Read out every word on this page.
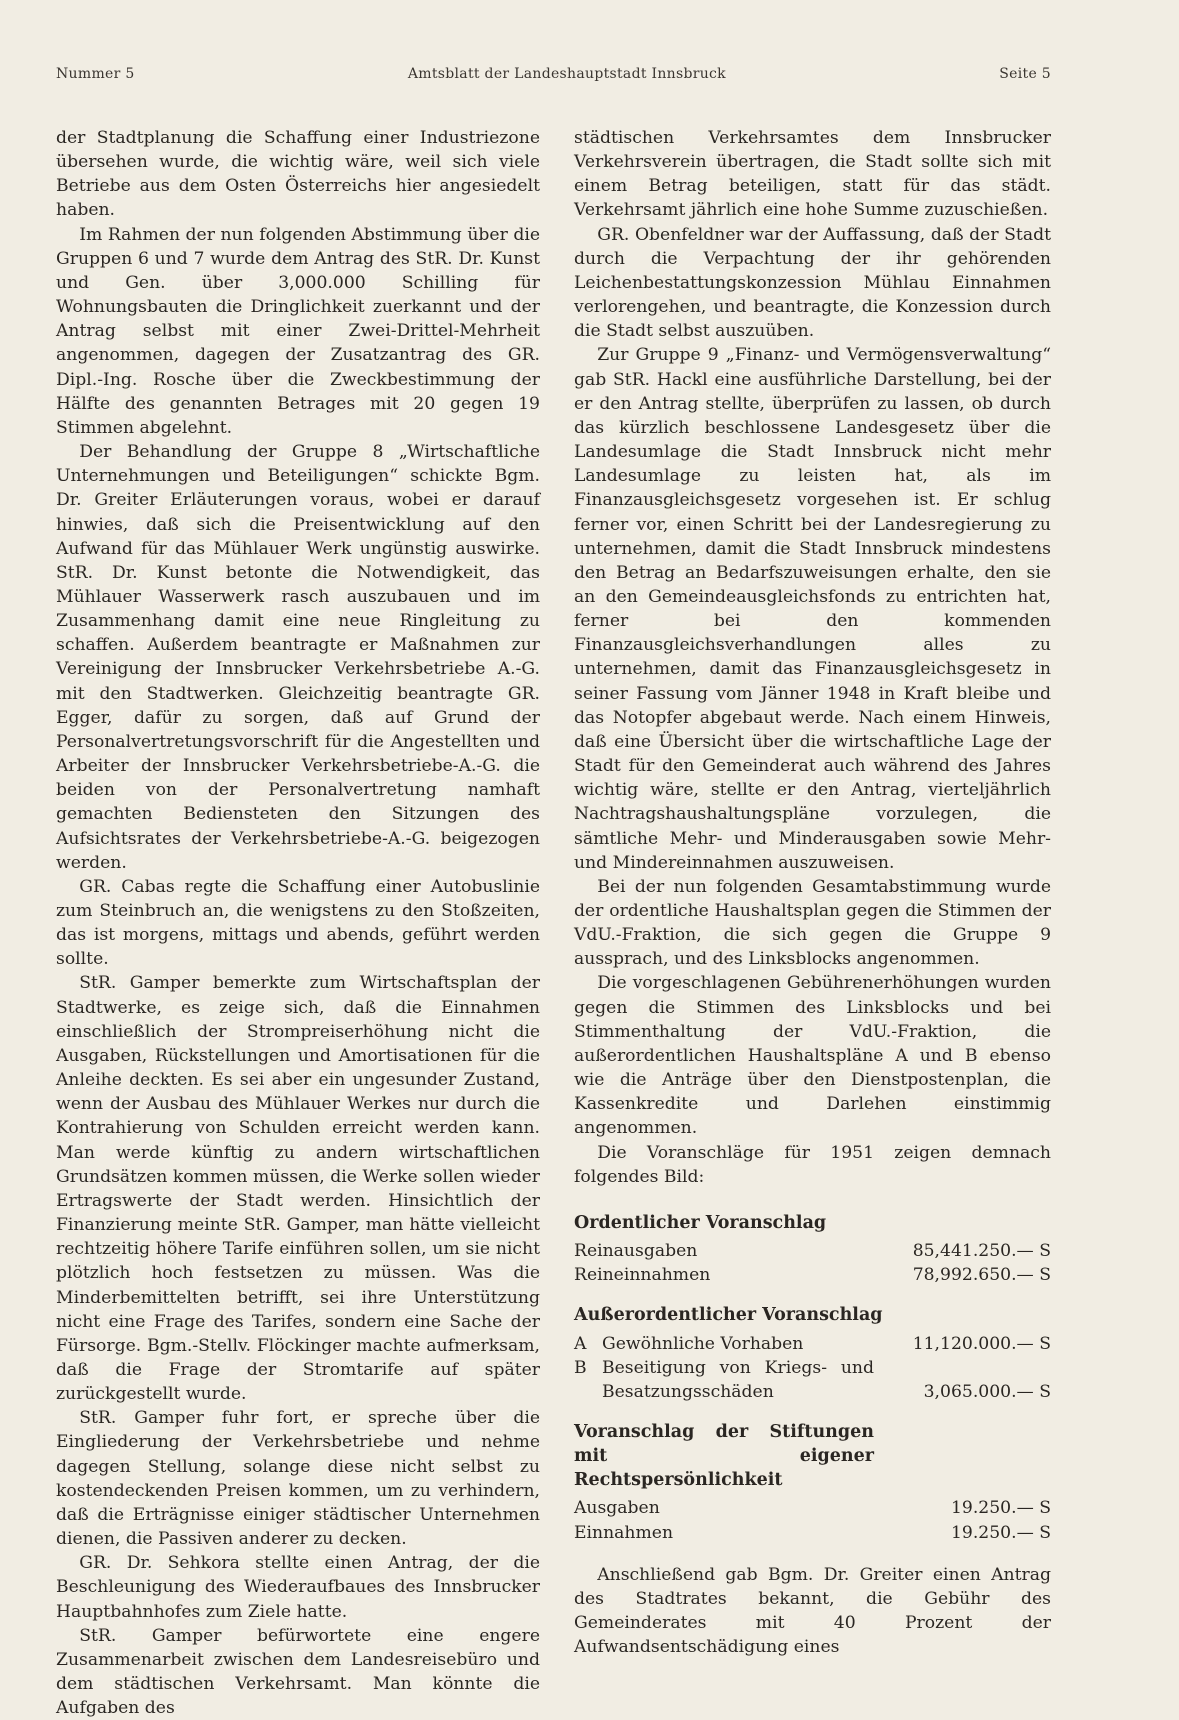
Nummer 5	Amtsblatt der Landeshauptstadt Innsbruck	Seite 5

der Stadtplanung die Schaffung einer Industriezone übersehen wurde, die wichtig wäre, weil sich viele Betriebe aus dem Osten Österreichs hier angesiedelt haben.

Im Rahmen der nun folgenden Abstimmung über die Gruppen 6 und 7 wurde dem Antrag des StR. Dr. Kunst und Gen. über 3,000.000 Schilling für Wohnungsbauten die Dringlichkeit zuerkannt und der Antrag selbst mit einer Zwei-Drittel-Mehrheit angenommen, dagegen der Zusatzantrag des GR. Dipl.-Ing. Rosche über die Zweckbestimmung der Hälfte des genannten Betrages mit 20 gegen 19 Stimmen abgelehnt.

Der Behandlung der Gruppe 8 „Wirtschaftliche Unternehmungen und Beteiligungen“ schickte Bgm. Dr. Greiter Erläuterungen voraus, wobei er darauf hinwies, daß sich die Preisentwicklung auf den Aufwand für das Mühlauer Werk ungünstig auswirke. StR. Dr. Kunst betonte die Notwendigkeit, das Mühlauer Wasserwerk rasch auszubauen und im Zusammenhang damit eine neue Ringleitung zu schaffen. Außerdem beantragte er Maßnahmen zur Vereinigung der Innsbrucker Verkehrsbetriebe A.-G. mit den Stadtwerken. Gleichzeitig beantragte GR. Egger, dafür zu sorgen, daß auf Grund der Personalvertretungsvorschrift für die Angestellten und Arbeiter der Innsbrucker Verkehrsbetriebe-A.-G. die beiden von der Personalvertretung namhaft gemachten Bediensteten den Sitzungen des Aufsichtsrates der Verkehrsbetriebe-A.-G. beigezogen werden.

GR. Cabas regte die Schaffung einer Autobuslinie zum Steinbruch an, die wenigstens zu den Stoßzeiten, das ist morgens, mittags und abends, geführt werden sollte.

StR. Gamper bemerkte zum Wirtschaftsplan der Stadtwerke, es zeige sich, daß die Einnahmen einschließlich der Strompreiserhöhung nicht die Ausgaben, Rückstellungen und Amortisationen für die Anleihe deckten. Es sei aber ein ungesunder Zustand, wenn der Ausbau des Mühlauer Werkes nur durch die Kontrahierung von Schulden erreicht werden kann. Man werde künftig zu andern wirtschaftlichen Grundsätzen kommen müssen, die Werke sollen wieder Ertragswerte der Stadt werden. Hinsichtlich der Finanzierung meinte StR. Gamper, man hätte vielleicht rechtzeitig höhere Tarife einführen sollen, um sie nicht plötzlich hoch festsetzen zu müssen. Was die Minderbemittelten betrifft, sei ihre Unterstützung nicht eine Frage des Tarifes, sondern eine Sache der Fürsorge. Bgm.-Stellv. Flöckinger machte aufmerksam, daß die Frage der Stromtarife auf später zurückgestellt wurde.

StR. Gamper fuhr fort, er spreche über die Eingliederung der Verkehrsbetriebe und nehme dagegen Stellung, solange diese nicht selbst zu kostendeckenden Preisen kommen, um zu verhindern, daß die Erträgnisse einiger städtischer Unternehmen dienen, die Passiven anderer zu decken.

GR. Dr. Sehkora stellte einen Antrag, der die Beschleunigung des Wiederaufbaues des Innsbrucker Hauptbahnhofes zum Ziele hatte.

StR. Gamper befürwortete eine engere Zusammenarbeit zwischen dem Landesreisebüro und dem städtischen Verkehrsamt. Man könnte die Aufgaben des

städtischen Verkehrsamtes dem Innsbrucker Verkehrsverein übertragen, die Stadt sollte sich mit einem Betrag beteiligen, statt für das städt. Verkehrsamt jährlich eine hohe Summe zuzuschießen.

GR. Obenfeldner war der Auffassung, daß der Stadt durch die Verpachtung der ihr gehörenden Leichenbestattungskonzession Mühlau Einnahmen verlorengehen, und beantragte, die Konzession durch die Stadt selbst auszuüben.

Zur Gruppe 9 „Finanz- und Vermögensverwaltung“ gab StR. Hackl eine ausführliche Darstellung, bei der er den Antrag stellte, überprüfen zu lassen, ob durch das kürzlich beschlossene Landesgesetz über die Landesumlage die Stadt Innsbruck nicht mehr Landesumlage zu leisten hat, als im Finanzausgleichsgesetz vorgesehen ist. Er schlug ferner vor, einen Schritt bei der Landesregierung zu unternehmen, damit die Stadt Innsbruck mindestens den Betrag an Bedarfszuweisungen erhalte, den sie an den Gemeindeausgleichsfonds zu entrichten hat, ferner bei den kommenden Finanzausgleichsverhandlungen alles zu unternehmen, damit das Finanzausgleichsgesetz in seiner Fassung vom Jänner 1948 in Kraft bleibe und das Notopfer abgebaut werde. Nach einem Hinweis, daß eine Übersicht über die wirtschaftliche Lage der Stadt für den Gemeinderat auch während des Jahres wichtig wäre, stellte er den Antrag, vierteljährlich Nachtragshaushaltungspläne vorzulegen, die sämtliche Mehr- und Minderausgaben sowie Mehr- und Mindereinnahmen auszuweisen.

Bei der nun folgenden Gesamtabstimmung wurde der ordentliche Haushaltsplan gegen die Stimmen der VdU.-Fraktion, die sich gegen die Gruppe 9 aussprach, und des Linksblocks angenommen.

Die vorgeschlagenen Gebührenerhöhungen wurden gegen die Stimmen des Linksblocks und bei Stimmenthaltung der VdU.-Fraktion, die außerordentlichen Haushaltspläne A und B ebenso wie die Anträge über den Dienstpostenplan, die Kassenkredite und Darlehen einstimmig angenommen.

Die Voranschläge für 1951 zeigen demnach folgendes Bild:

Ordentlicher Voranschlag

Reinausgaben	85,441.250.— S
Reineinnahmen	78,992.650.— S

Außerordentlicher Voranschlag

A Gewöhnliche Vorhaben	11,120.000.— S
B Beseitigung von Kriegs- und Besatzungsschäden	3,065.000.— S

Voranschlag der Stiftungen mit eigener Rechtspersönlichkeit

Ausgaben	19.250.— S
Einnahmen	19.250.— S

Anschließend gab Bgm. Dr. Greiter einen Antrag des Stadtrates bekannt, die Gebühr des Gemeinderates mit 40 Prozent der Aufwandsentschädigung eines
